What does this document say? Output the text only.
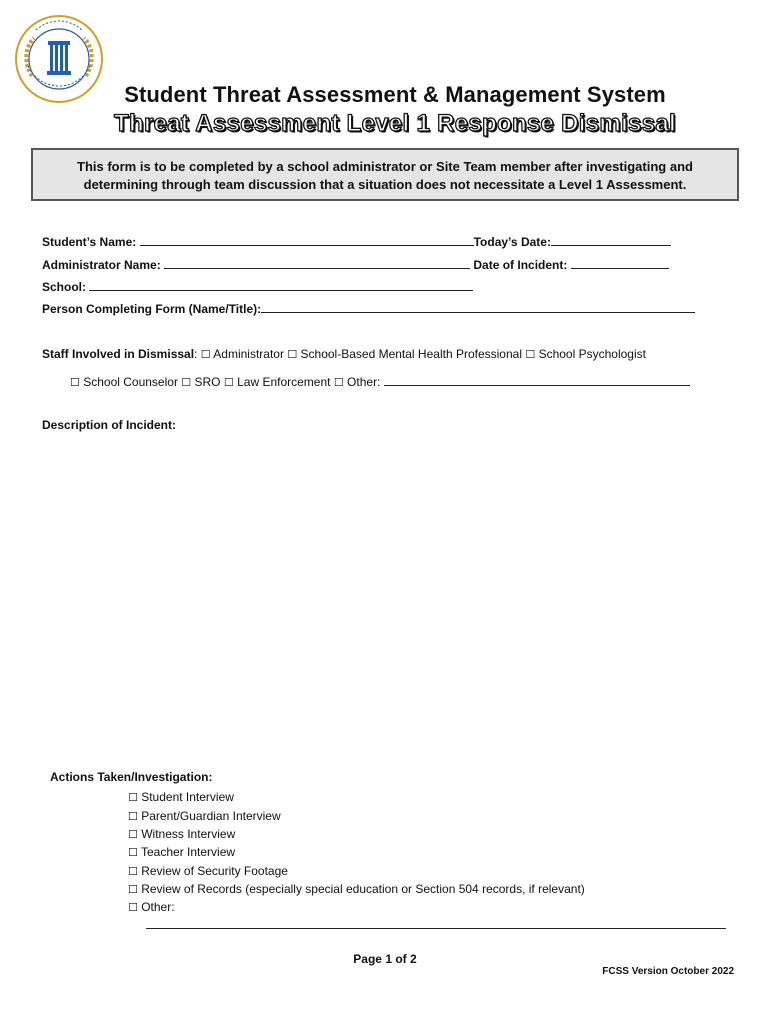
Student Threat Assessment & Management System
Threat Assessment Level 1 Response Dismissal
This form is to be completed by a school administrator or Site Team member after investigating and
determining through team discussion that a situation does not necessitate a Level 1 Assessment.
Student’s Name:	Today’s Date:
Administrator Name:	Date of Incident:
School:
Person Completing Form (Name/Title):
Staff Involved in Dismissal: ☐ Administrator ☐ School-Based Mental Health Professional ☐ School Psychologist
☐ School Counselor ☐ SRO ☐ Law Enforcement ☐ Other:
Description of Incident:
Actions Taken/Investigation:
☐ Student Interview
☐ Parent/Guardian Interview
☐ Witness Interview
☐ Teacher Interview
☐ Review of Security Footage
☐ Review of Records (especially special education or Section 504 records, if relevant)
☐ Other:
Page 1 of 2
FCSS Version October 2022
